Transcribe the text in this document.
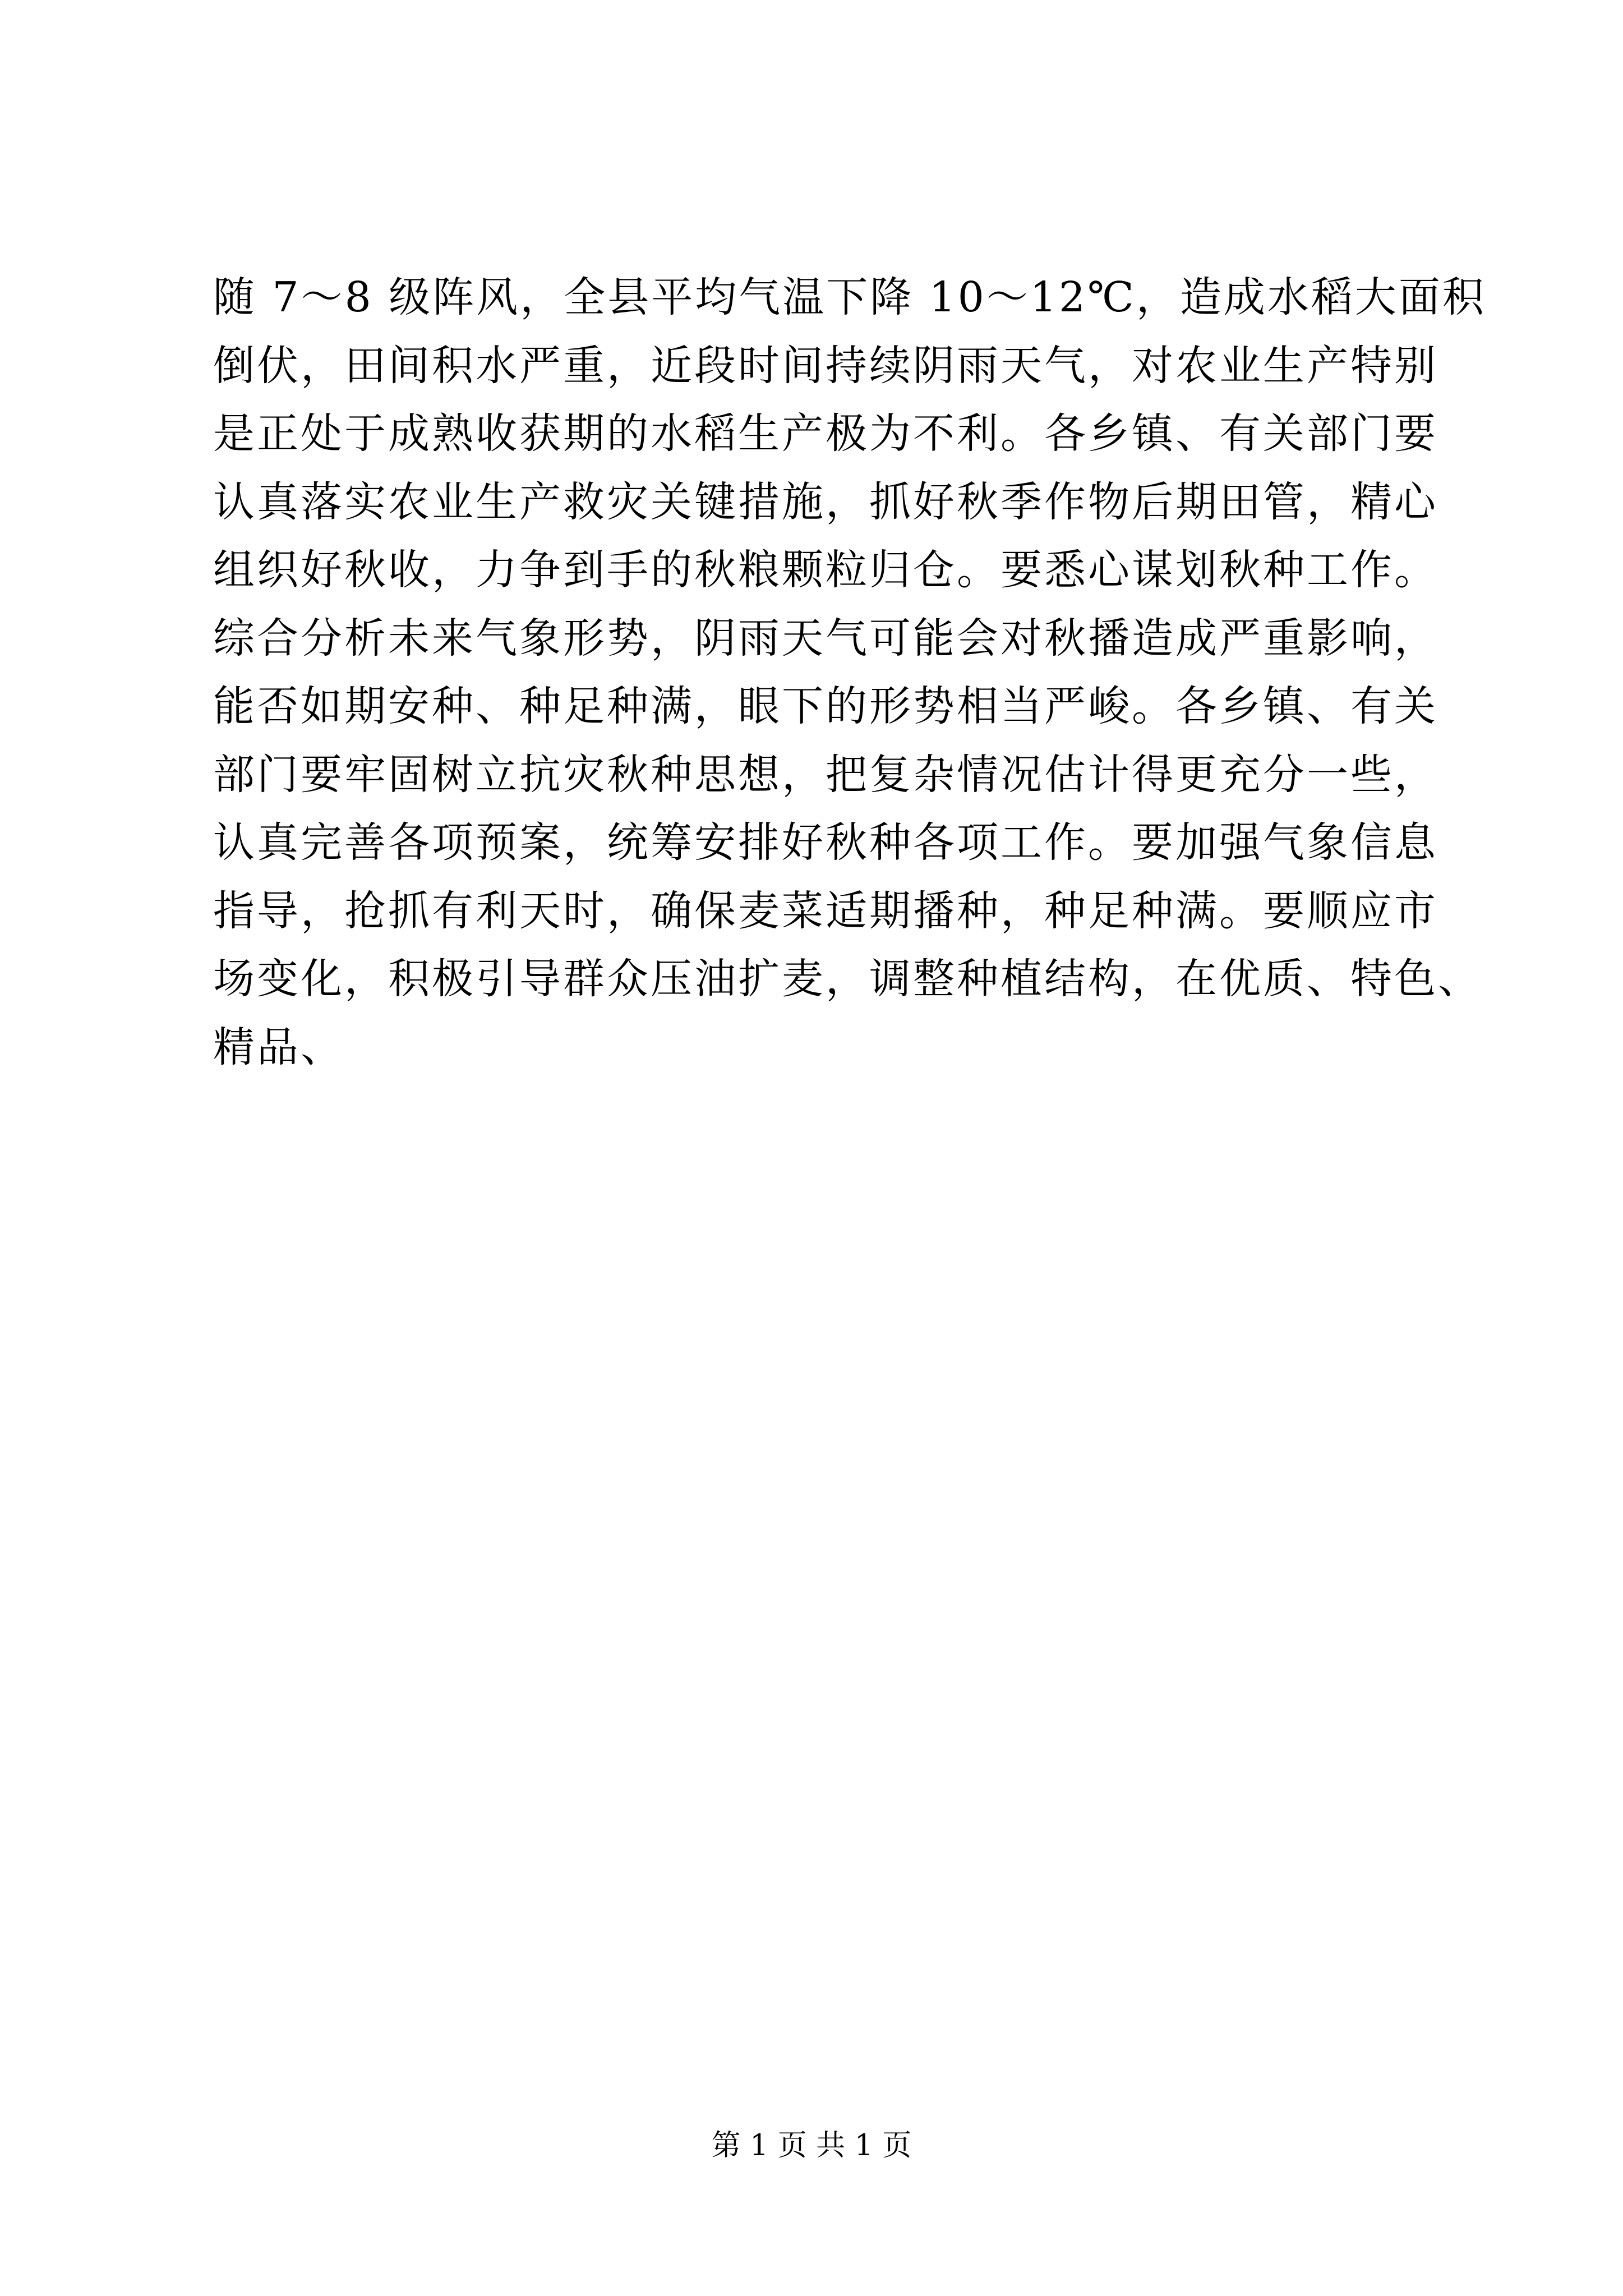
随 7～8 级阵风，全县平均气温下降 10～12℃，造成水稻大面积
倒伏，田间积水严重，近段时间持续阴雨天气，对农业生产特别
是正处于成熟收获期的水稻生产极为不利。各乡镇、有关部门要
认真落实农业生产救灾关键措施，抓好秋季作物后期田管，精心
组织好秋收，力争到手的秋粮颗粒归仓。要悉心谋划秋种工作。
综合分析未来气象形势，阴雨天气可能会对秋播造成严重影响，
能否如期安种、种足种满，眼下的形势相当严峻。各乡镇、有关
部门要牢固树立抗灾秋种思想，把复杂情况估计得更充分一些，
认真完善各项预案，统筹安排好秋种各项工作。要加强气象信息
指导，抢抓有利天时，确保麦菜适期播种，种足种满。要顺应市
场变化，积极引导群众压油扩麦，调整种植结构，在优质、特色、
精品、
第 1 页 共 1 页
